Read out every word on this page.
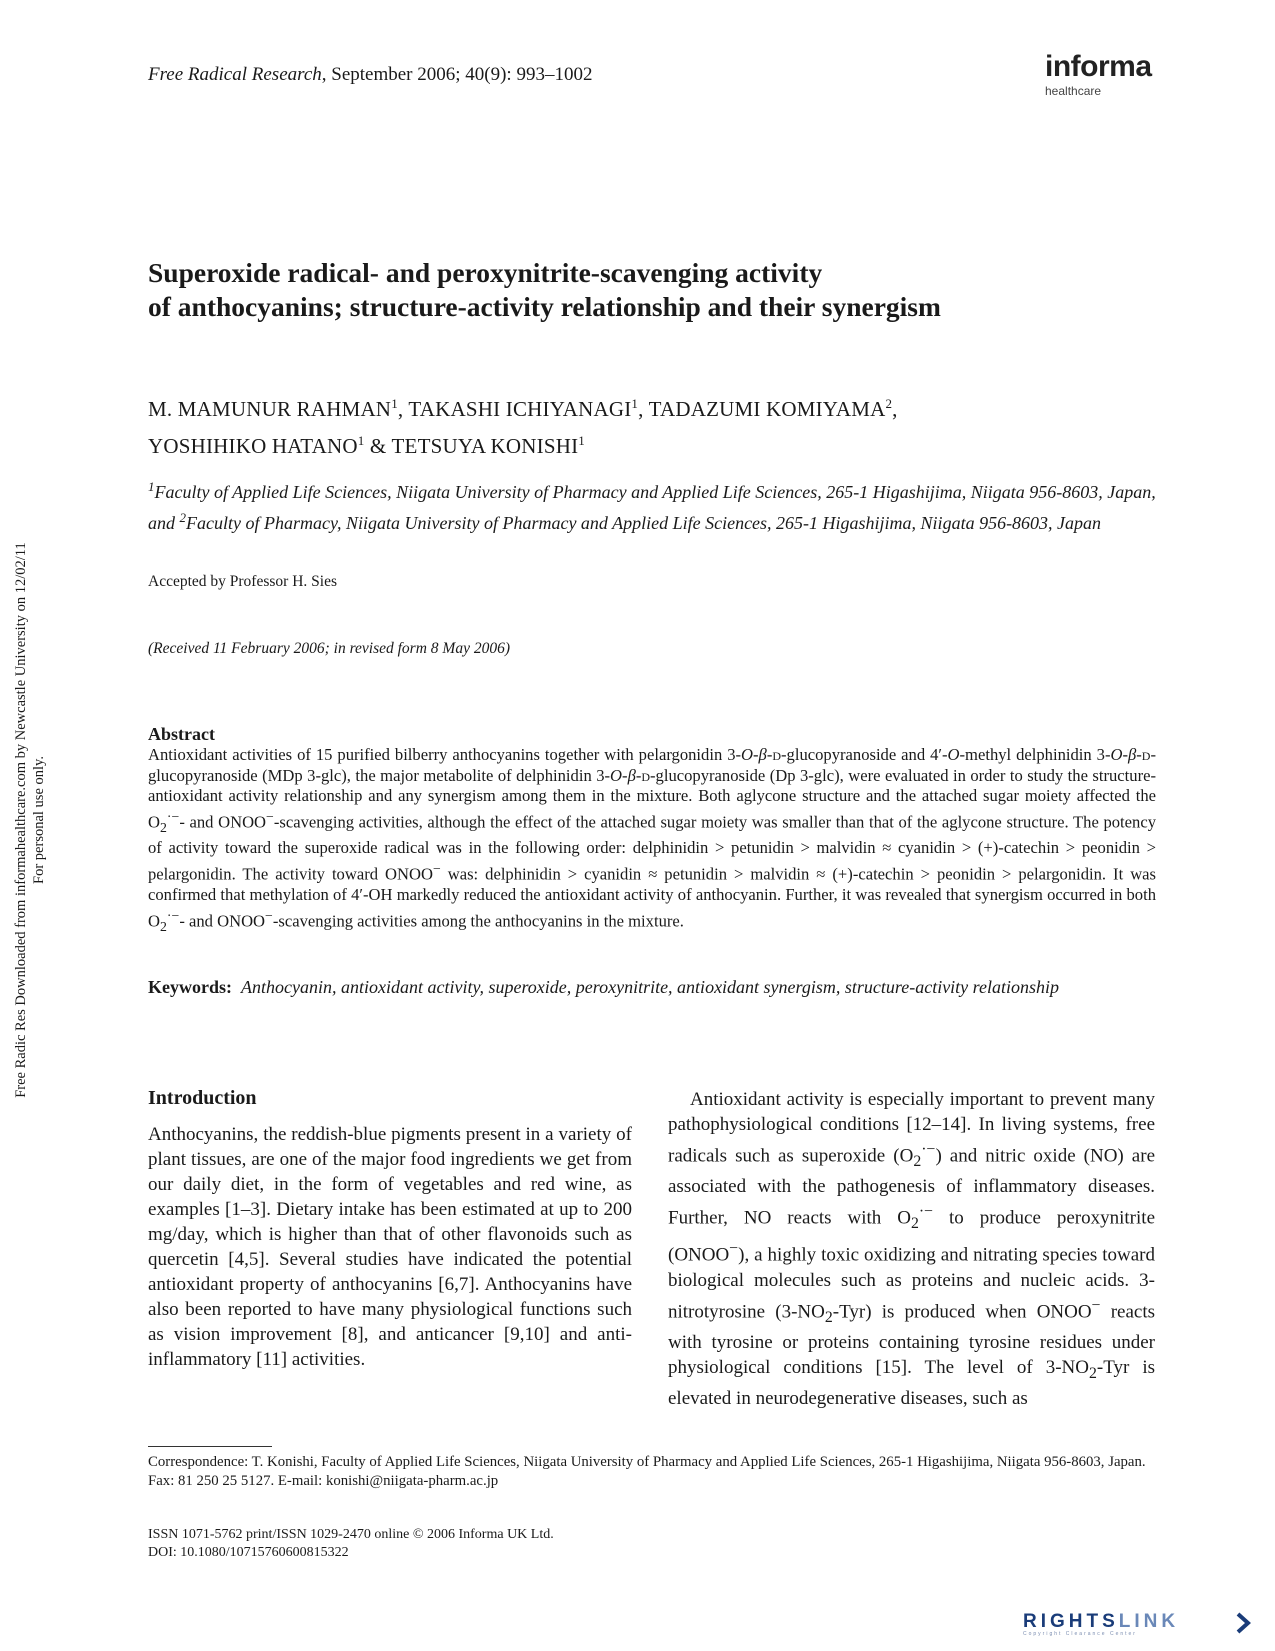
Free Radical Research, September 2006; 40(9): 993–1002	informa
healthcare
Superoxide radical- and peroxynitrite-scavenging activity
of anthocyanins; structure-activity relationship and their synergism
M. MAMUNUR RAHMAN$^1$, TAKASHI ICHIYANAGI$^1$, TADAZUMI KOMIYAMA$^2$,
YOSHIHIKO HATANO$^1$ & TETSUYA KONISHI$^1$
$^1$Faculty of Applied Life Sciences, Niigata University of Pharmacy and Applied Life Sciences, 265-1 Higashijima, Niigata 956-8603, Japan, and $^2$Faculty of Pharmacy, Niigata University of Pharmacy and Applied Life Sciences, 265-1 Higashijima, Niigata 956-8603, Japan
Accepted by Professor H. Sies
(Received 11 February 2006; in revised form 8 May 2006)
Abstract
Antioxidant activities of 15 purified bilberry anthocyanins together with pelargonidin 3-O-β-d-glucopyranoside and 4′-O-methyl delphinidin 3-O-β-d-glucopyranoside (MDp 3-glc), the major metabolite of delphinidin 3-O-β-d-glucopyranoside (Dp 3-glc), were evaluated in order to study the structure-antioxidant activity relationship and any synergism among them in the mixture. Both aglycone structure and the attached sugar moiety affected the $O_2^{\cdot-}-$ and ONOO−-scavenging activities, although the effect of the attached sugar moiety was smaller than that of the aglycone structure. The potency of activity toward the superoxide radical was in the following order: delphinidin > petunidin > malvidin ≈ cyanidin > (+)-catechin > peonidin > pelargonidin. The activity toward ONOO− was: delphinidin > cyanidin ≈ petunidin > malvidin ≈ (+)-catechin > peonidin > pelargonidin. It was confirmed that methylation of 4′-OH markedly reduced the antioxidant activity of anthocyanin. Further, it was revealed that synergism occurred in both $O_2^{\cdot-}-$ and ONOO−-scavenging activities among the anthocyanins in the mixture.
Keywords: Anthocyanin, antioxidant activity, superoxide, peroxynitrite, antioxidant synergism, structure-activity relationship
Introduction
Anthocyanins, the reddish-blue pigments present in a variety of plant tissues, are one of the major food ingredients we get from our daily diet, in the form of vegetables and red wine, as examples [1–3]. Dietary intake has been estimated at up to 200 mg/day, which is higher than that of other flavonoids such as quercetin [4,5]. Several studies have indicated the potential antioxidant property of anthocyanins [6,7]. Anthocyanins have also been reported to have many physiological functions such as vision improvement [8], and anticancer [9,10] and anti-inflammatory [11] activities.
Antioxidant activity is especially important to prevent many pathophysiological conditions [12–14]. In living systems, free radicals such as superoxide $(O_2^{\cdot-})$ and nitric oxide (NO) are associated with the pathogenesis of inflammatory diseases. Further, NO reacts with $O_2^{\cdot-}$ to produce peroxynitrite (ONOO−), a highly toxic oxidizing and nitrating species toward biological molecules such as proteins and nucleic acids. 3-nitrotyrosine $(3-NO_2-Tyr)$ is produced when ONOO− reacts with tyrosine or proteins containing tyrosine residues under physiological conditions [15]. The level of $3-NO_2$-Tyr is elevated in neurodegenerative diseases, such as
Correspondence: T. Konishi, Faculty of Applied Life Sciences, Niigata University of Pharmacy and Applied Life Sciences, 265-1 Higashijima, Niigata 956-8603, Japan. Fax: 81 250 25 5127. E-mail: konishi@niigata-pharm.ac.jp
ISSN 1071-5762 print/ISSN 1029-2470 online © 2006 Informa UK Ltd.
DOI: 10.1080/10715760600815322
Free Radic Res Downloaded from informahealthcare.com by Newcastle University on 12/02/11 For personal use only.
RIGHTSLINK
Copyright Clearance Center
